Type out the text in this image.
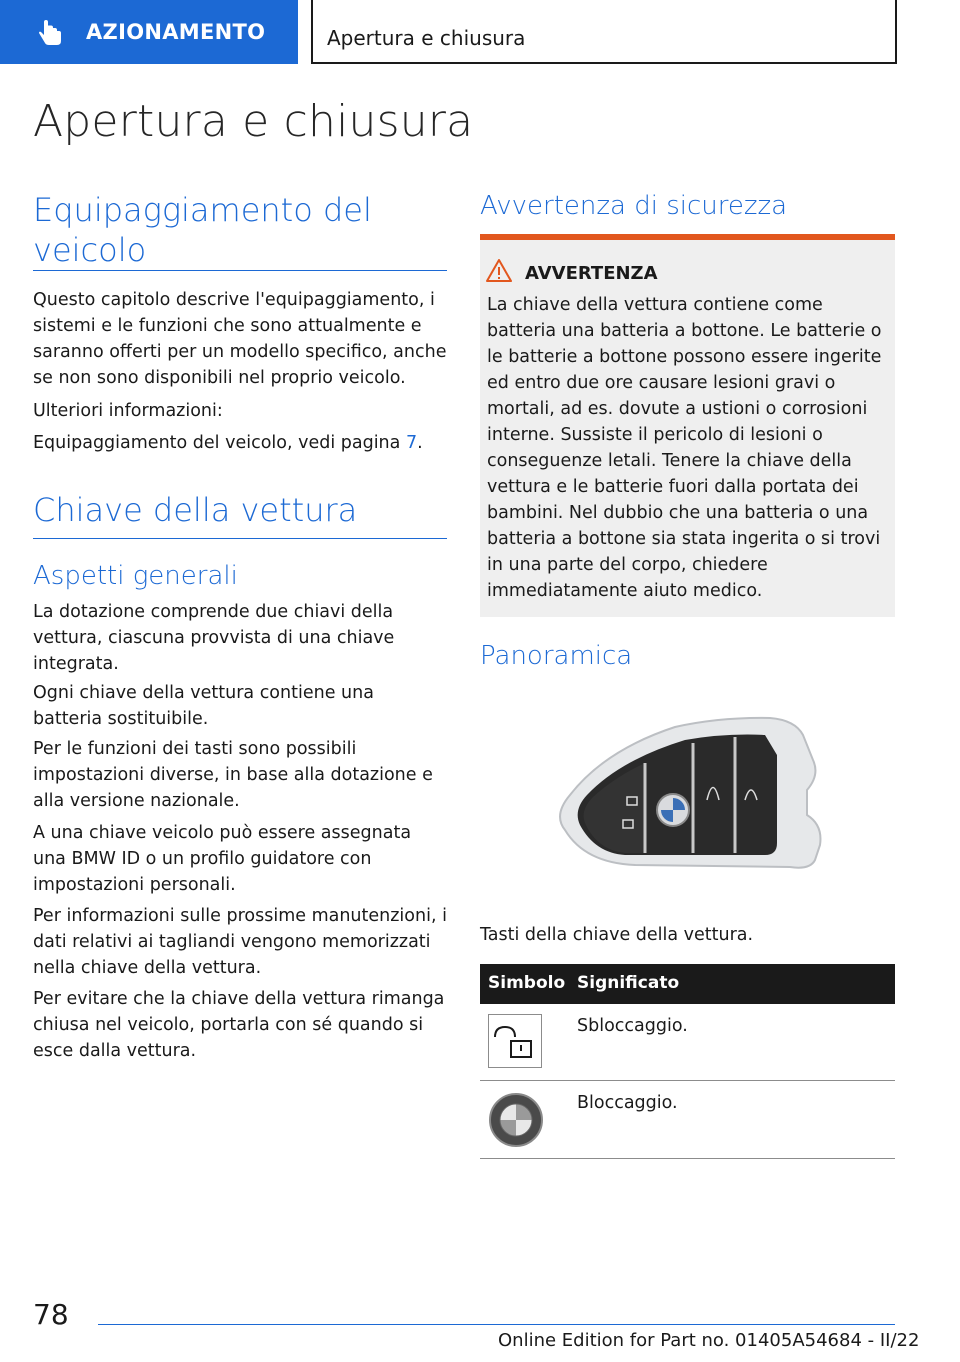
AZIONAMENTO	Apertura e chiusura
Apertura e chiusura
Equipaggiamento del veicolo

Questo capitolo descrive l'equipaggiamento, i sistemi e le funzioni che sono attualmente e saranno offerti per un modello specifico, anche se non sono disponibili nel proprio veicolo.

Ulteriori informazioni:

Equipaggiamento del veicolo, vedi pagina 7.

Chiave della vettura
Aspetti generali

La dotazione comprende due chiavi della vettura, ciascuna provvista di una chiave integrata.

Ogni chiave della vettura contiene una batteria sostituibile.

Per le funzioni dei tasti sono possibili impostazioni diverse, in base alla dotazione e alla versione nazionale.

A una chiave veicolo può essere assegnata una BMW ID o un profilo guidatore con impostazioni personali.

Per informazioni sulle prossime manutenzioni, i dati relativi ai tagliandi vengono memorizzati nella chiave della vettura.

Per evitare che la chiave della vettura rimanga chiusa nel veicolo, portarla con sé quando si esce dalla vettura.

Avvertenza di sicurezza
AVVERTENZA

La chiave della vettura contiene come batteria una batteria a bottone. Le batterie o le batterie a bottone possono essere ingerite ed entro due ore causare lesioni gravi o mortali, ad es. dovute a ustioni o corrosioni interne. Sussiste il pericolo di lesioni o conseguenze letali. Tenere la chiave della vettura e le batterie fuori dalla portata dei bambini. Nel dubbio che una batteria o una batteria a bottone sia stata ingerita o si trovi in una parte del corpo, chiedere immediatamente aiuto medico.

Panoramica

Tasti della chiave della vettura.

Simbolo Significato

Sbloccaggio.

Bloccaggio.

78
Online Edition for Part no. 01405A54684 - II/22
